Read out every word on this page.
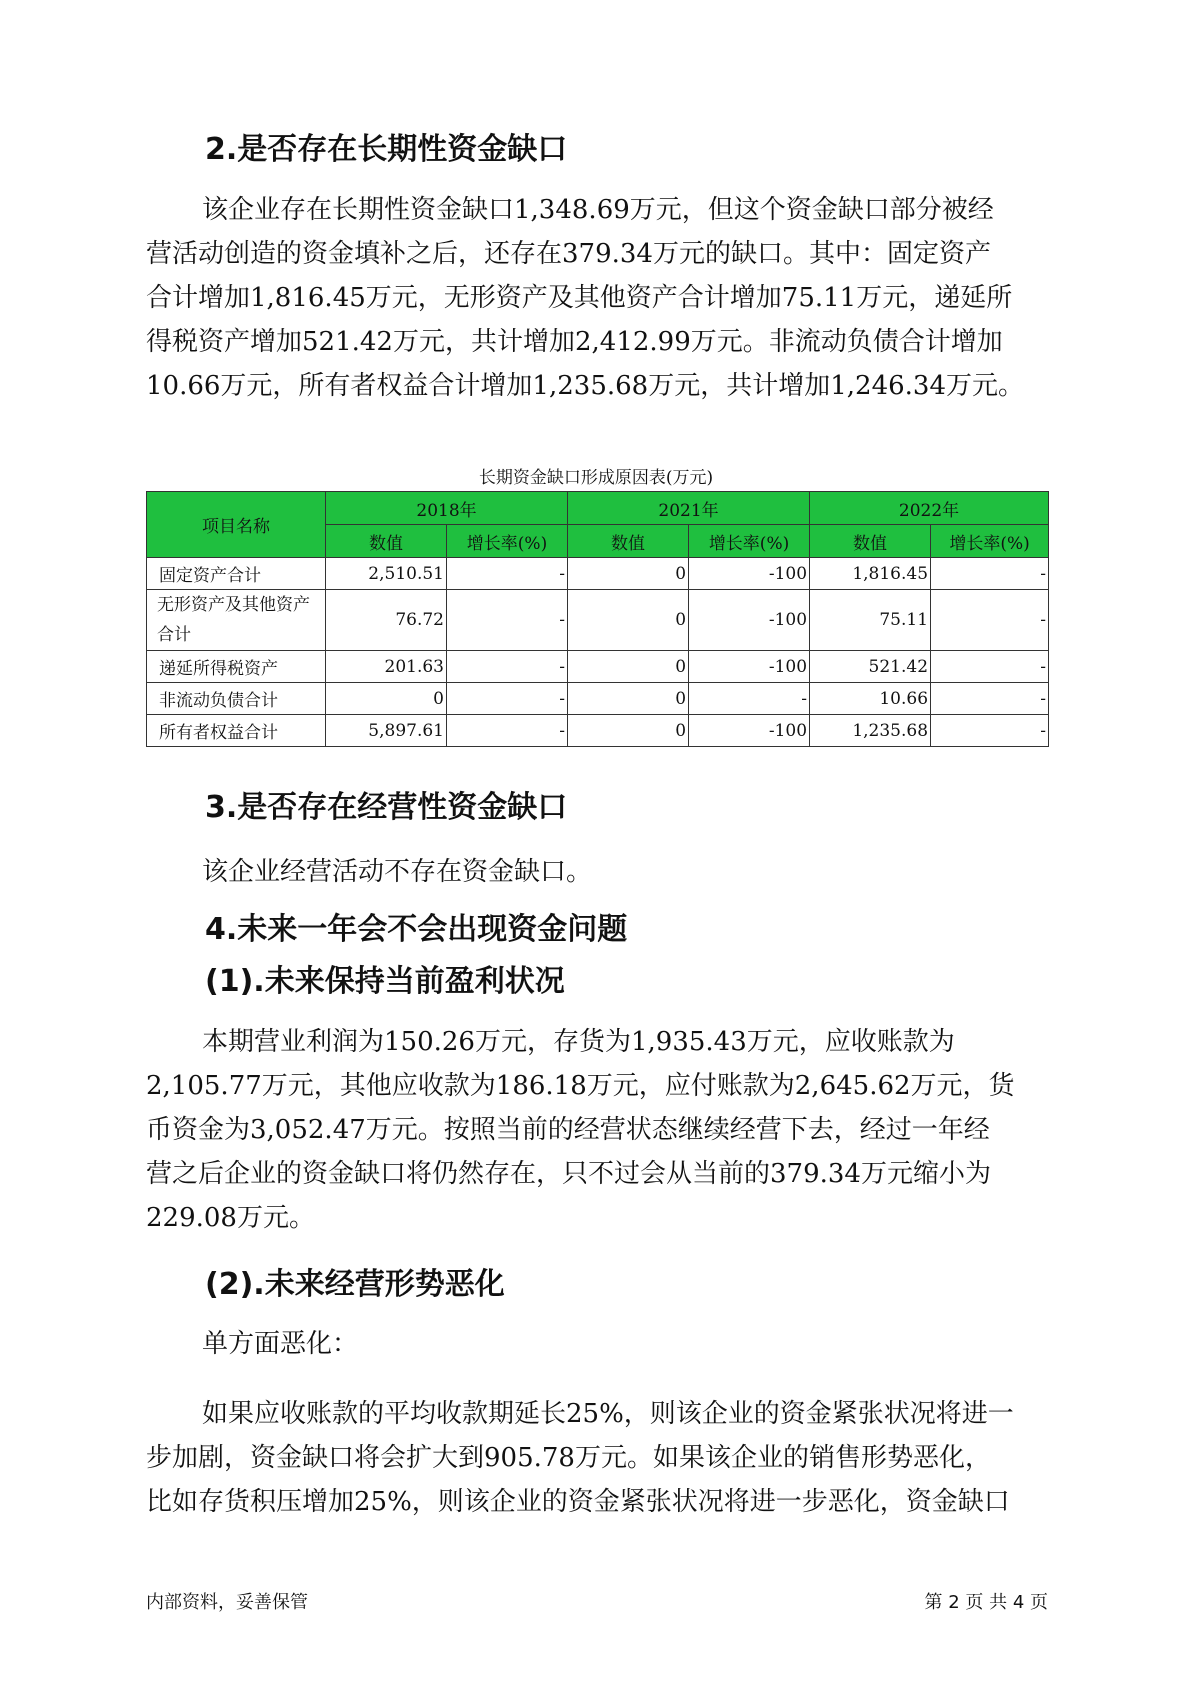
2.是否存在长期性资金缺口
该企业存在长期性资金缺口1,348.69万元，但这个资金缺口部分被经
营活动创造的资金填补之后，还存在379.34万元的缺口。其中：固定资产
合计增加1,816.45万元，无形资产及其他资产合计增加75.11万元，递延所
得税资产增加521.42万元，共计增加2,412.99万元。非流动负债合计增加
10.66万元，所有者权益合计增加1,235.68万元，共计增加1,246.34万元。
长期资金缺口形成原因表(万元)
项目名称	2018年		2021年		2022年	
	数值	增长率(%)	数值	增长率(%)	数值	增长率(%)
固定资产合计	2,510.51	-	0	-100	1,816.45	-
无形资产及其他资产合计	76.72	-	0	-100	75.11	-
递延所得税资产	201.63	-	0	-100	521.42	-
非流动负债合计	0	-	0	-	10.66	-
所有者权益合计	5,897.61	-	0	-100	1,235.68	-
3.是否存在经营性资金缺口
该企业经营活动不存在资金缺口。
4.未来一年会不会出现资金问题
(1).未来保持当前盈利状况
本期营业利润为150.26万元，存货为1,935.43万元，应收账款为
2,105.77万元，其他应收款为186.18万元，应付账款为2,645.62万元，货
币资金为3,052.47万元。按照当前的经营状态继续经营下去，经过一年经
营之后企业的资金缺口将仍然存在，只不过会从当前的379.34万元缩小为
229.08万元。
(2).未来经营形势恶化
单方面恶化：
如果应收账款的平均收款期延长25%，则该企业的资金紧张状况将进一
步加剧，资金缺口将会扩大到905.78万元。如果该企业的销售形势恶化，
比如存货积压增加25%，则该企业的资金紧张状况将进一步恶化，资金缺口
内部资料，妥善保管	第 2 页 共 4 页
